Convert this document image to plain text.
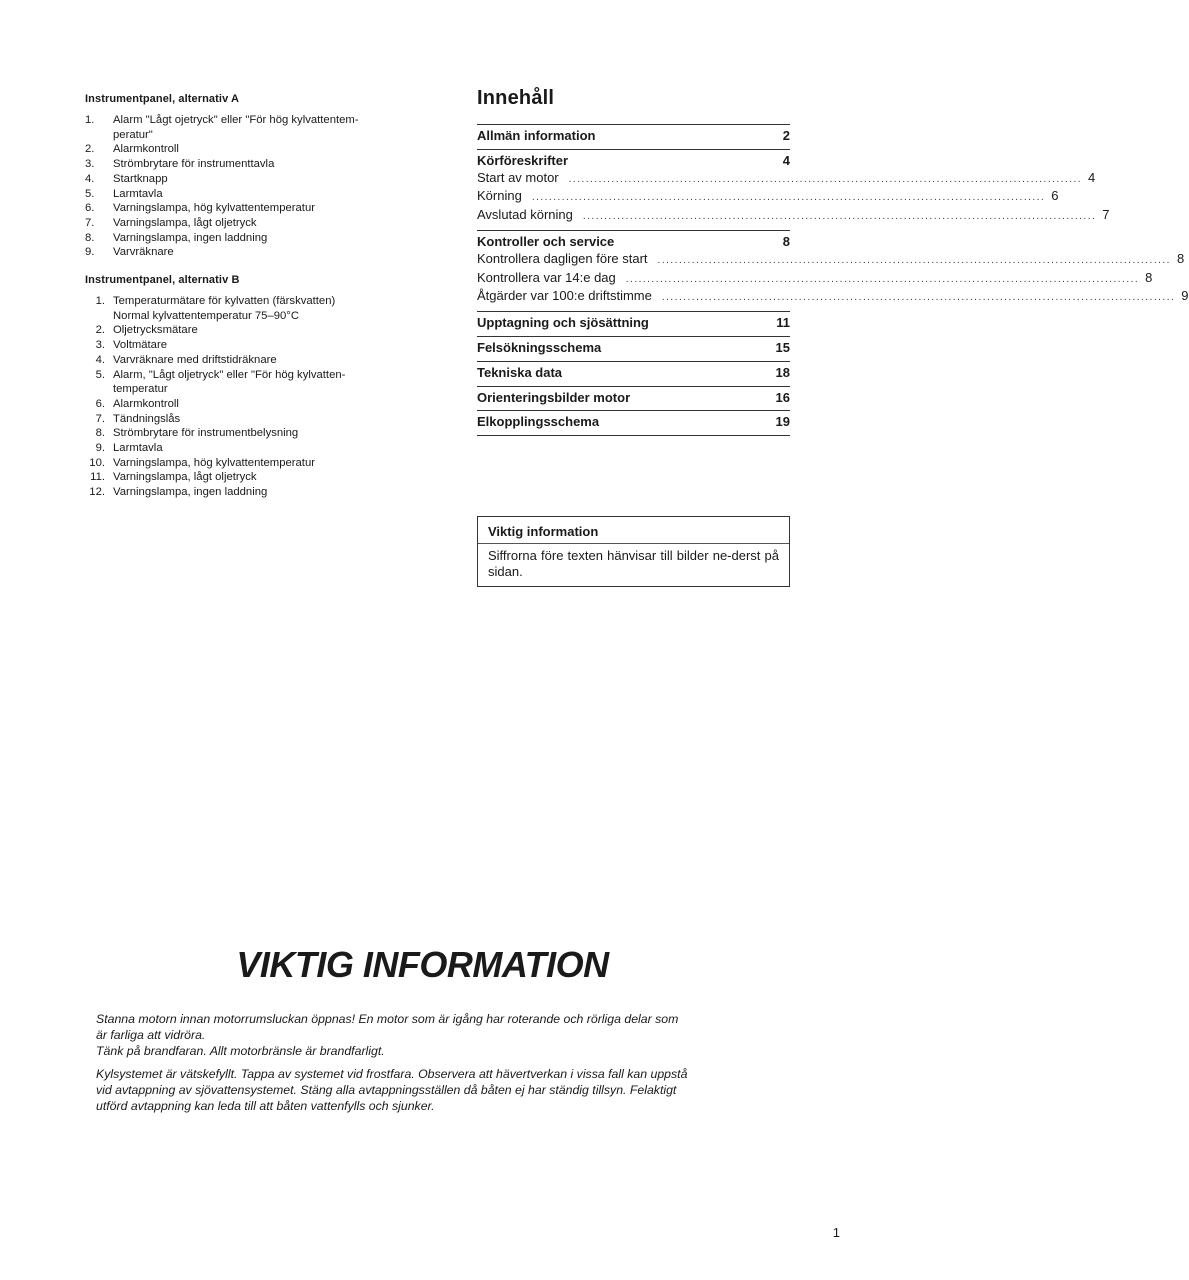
Instrumentpanel, alternativ A
1.	Alarm "Lågt ojetryck" eller "För hög kylvattentem-
peratur"
2.	Alarmkontroll
3.	Strömbrytare för instrumenttavla
4.	Startknapp
5.	Larmtavla
6.	Varningslampa, hög kylvattentemperatur
7.	Varningslampa, lågt oljetryck
8.	Varningslampa, ingen laddning
9.	Varvräknare
Instrumentpanel, alternativ B
1. Temperaturmätare för kylvatten (färskvatten)
Normal kylvattentemperatur 75–90°C
2. Oljetrycksmätare
3. Voltmätare
4. Varvräknare med driftstidräknare
5. Alarm, "Lågt oljetryck" eller "För hög kylvatten-
temperatur
6. Alarmkontroll
7. Tändningslås
8. Strömbrytare för instrumentbelysning
9. Larmtavla
10. Varningslampa, hög kylvattentemperatur
11. Varningslampa, lågt oljetryck
12. Varningslampa, ingen laddning
Innehåll
Allmän information	2
Körföreskrifter	4
Start av motor ........................................................................................................................ 4
Körning ........................................................................................................................ 6
Avslutad körning ........................................................................................................................ 7
Kontroller och service	8
Kontrollera dagligen före start ........................................................................................................................ 8
Kontrollera var 14:e dag ........................................................................................................................ 8
Åtgärder var 100:e driftstimme ........................................................................................................................ 9
Upptagning och sjösättning	11
Felsökningsschema	15
Tekniska data	18
Orienteringsbilder motor	16
Elkopplingsschema	19
Viktig information
Siffrorna före texten hänvisar till bilder ne-derst på sidan.
VIKTIG INFORMATION
Stanna motorn innan motorrumsluckan öppnas! En motor som är igång har roterande och rörliga delar som
är farliga att vidröra.
Tänk på brandfaran. Allt motorbränsle är brandfarligt.
Kylsystemet är vätskefyllt. Tappa av systemet vid frostfara. Observera att hävertverkan i vissa fall kan uppstå
vid avtappning av sjövattensystemet. Stäng alla avtappningsställen då båten ej har ständig tillsyn. Felaktigt
utförd avtappning kan leda till att båten vattenfylls och sjunker.
1
